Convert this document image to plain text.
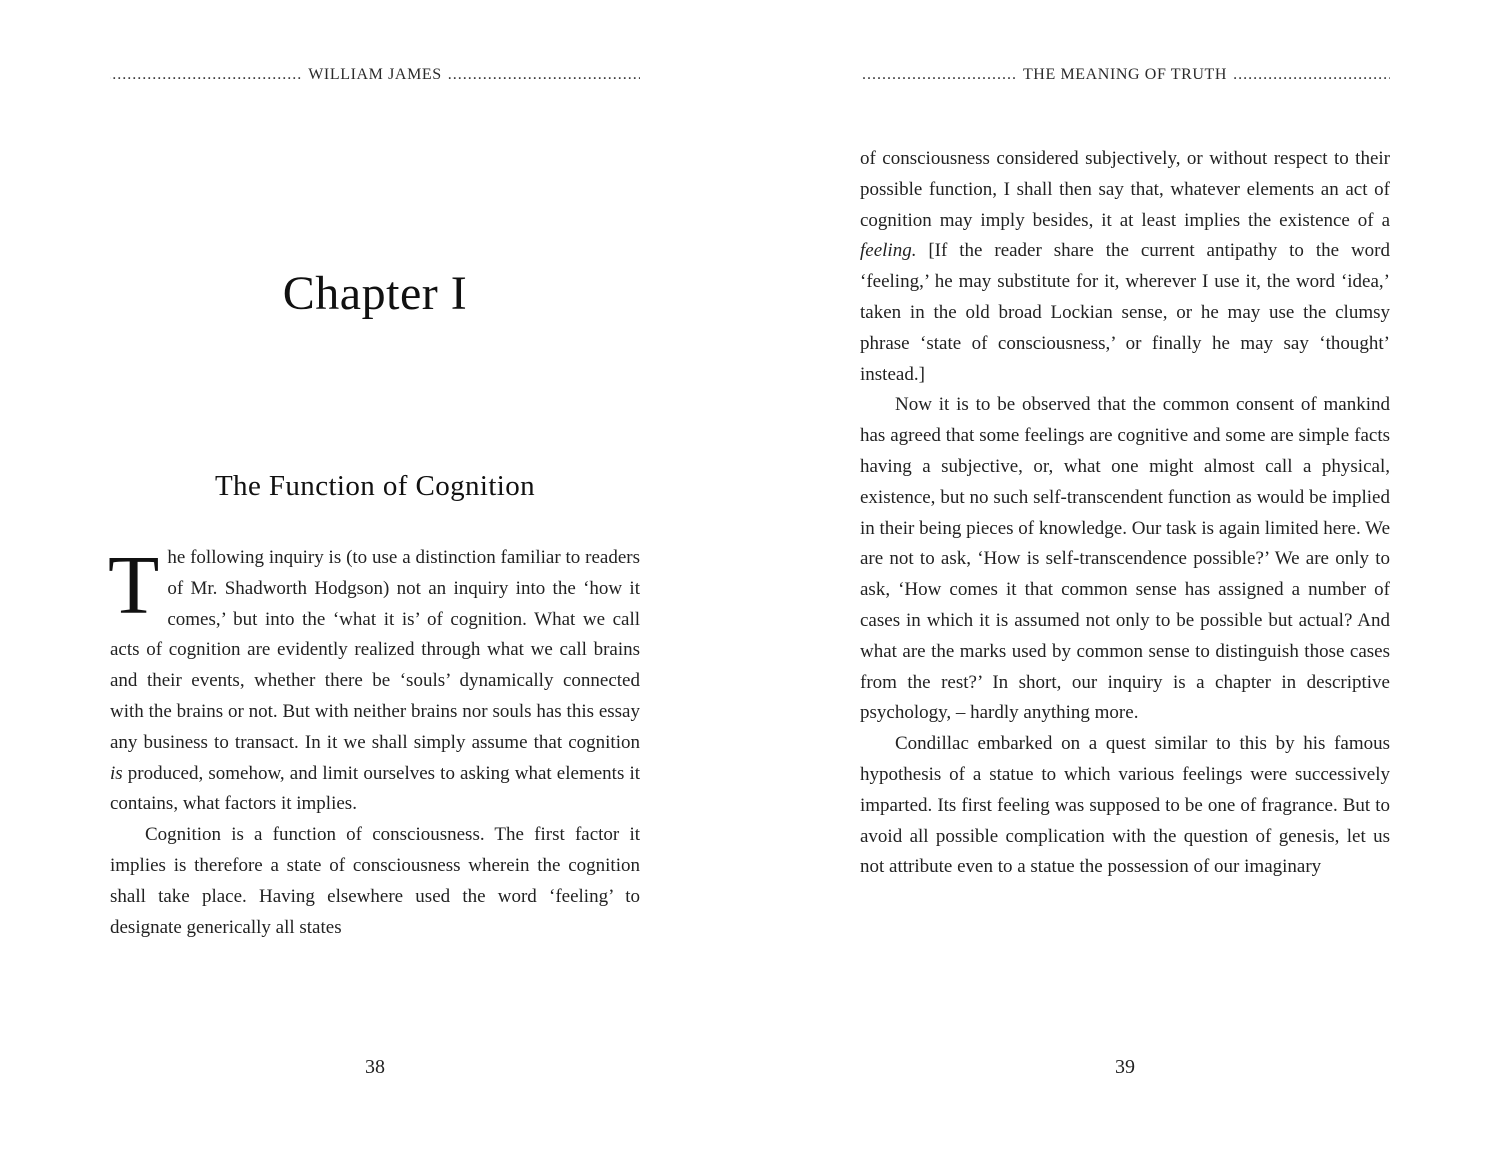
.....
WILLIAM JAMES
.....
Chapter I
The Function of Cognition

The following inquiry is (to use a distinction familiar to readers of Mr. Shadworth Hodgson) not an inquiry into the ‘how it comes,’ but into the ‘what it is’ of cognition. What we call acts of cognition are evidently realized through what we call brains and their events, whether there be ‘souls’ dynamically connected with the brains or not. But with neither brains nor souls has this essay any business to transact. In it we shall simply assume that cognition is produced, somehow, and limit ourselves to asking what elements it contains, what factors it implies.

Cognition is a function of consciousness. The first factor it implies is therefore a state of consciousness wherein the cognition shall take place. Having elsewhere used the word ‘feeling’ to designate generically all states

38
.....
THE MEANING OF TRUTH
.....

of consciousness considered subjectively, or without respect to their possible function, I shall then say that, whatever elements an act of cognition may imply besides, it at least implies the existence of a feeling. [If the reader share the current antipathy to the word ‘feeling,’ he may substitute for it, wherever I use it, the word ‘idea,’ taken in the old broad Lockian sense, or he may use the clumsy phrase ‘state of consciousness,’ or finally he may say ‘thought’ instead.]

Now it is to be observed that the common consent of mankind has agreed that some feelings are cognitive and some are simple facts having a subjective, or, what one might almost call a physical, existence, but no such self-transcendent function as would be implied in their being pieces of knowledge. Our task is again limited here. We are not to ask, ‘How is self-transcendence possible?’ We are only to ask, ‘How comes it that common sense has assigned a number of cases in which it is assumed not only to be possible but actual? And what are the marks used by common sense to distinguish those cases from the rest?’ In short, our inquiry is a chapter in descriptive psychology, – hardly anything more.

Condillac embarked on a quest similar to this by his famous hypothesis of a statue to which various feelings were successively imparted. Its first feeling was supposed to be one of fragrance. But to avoid all possible complication with the question of genesis, let us not attribute even to a statue the possession of our imaginary

39
